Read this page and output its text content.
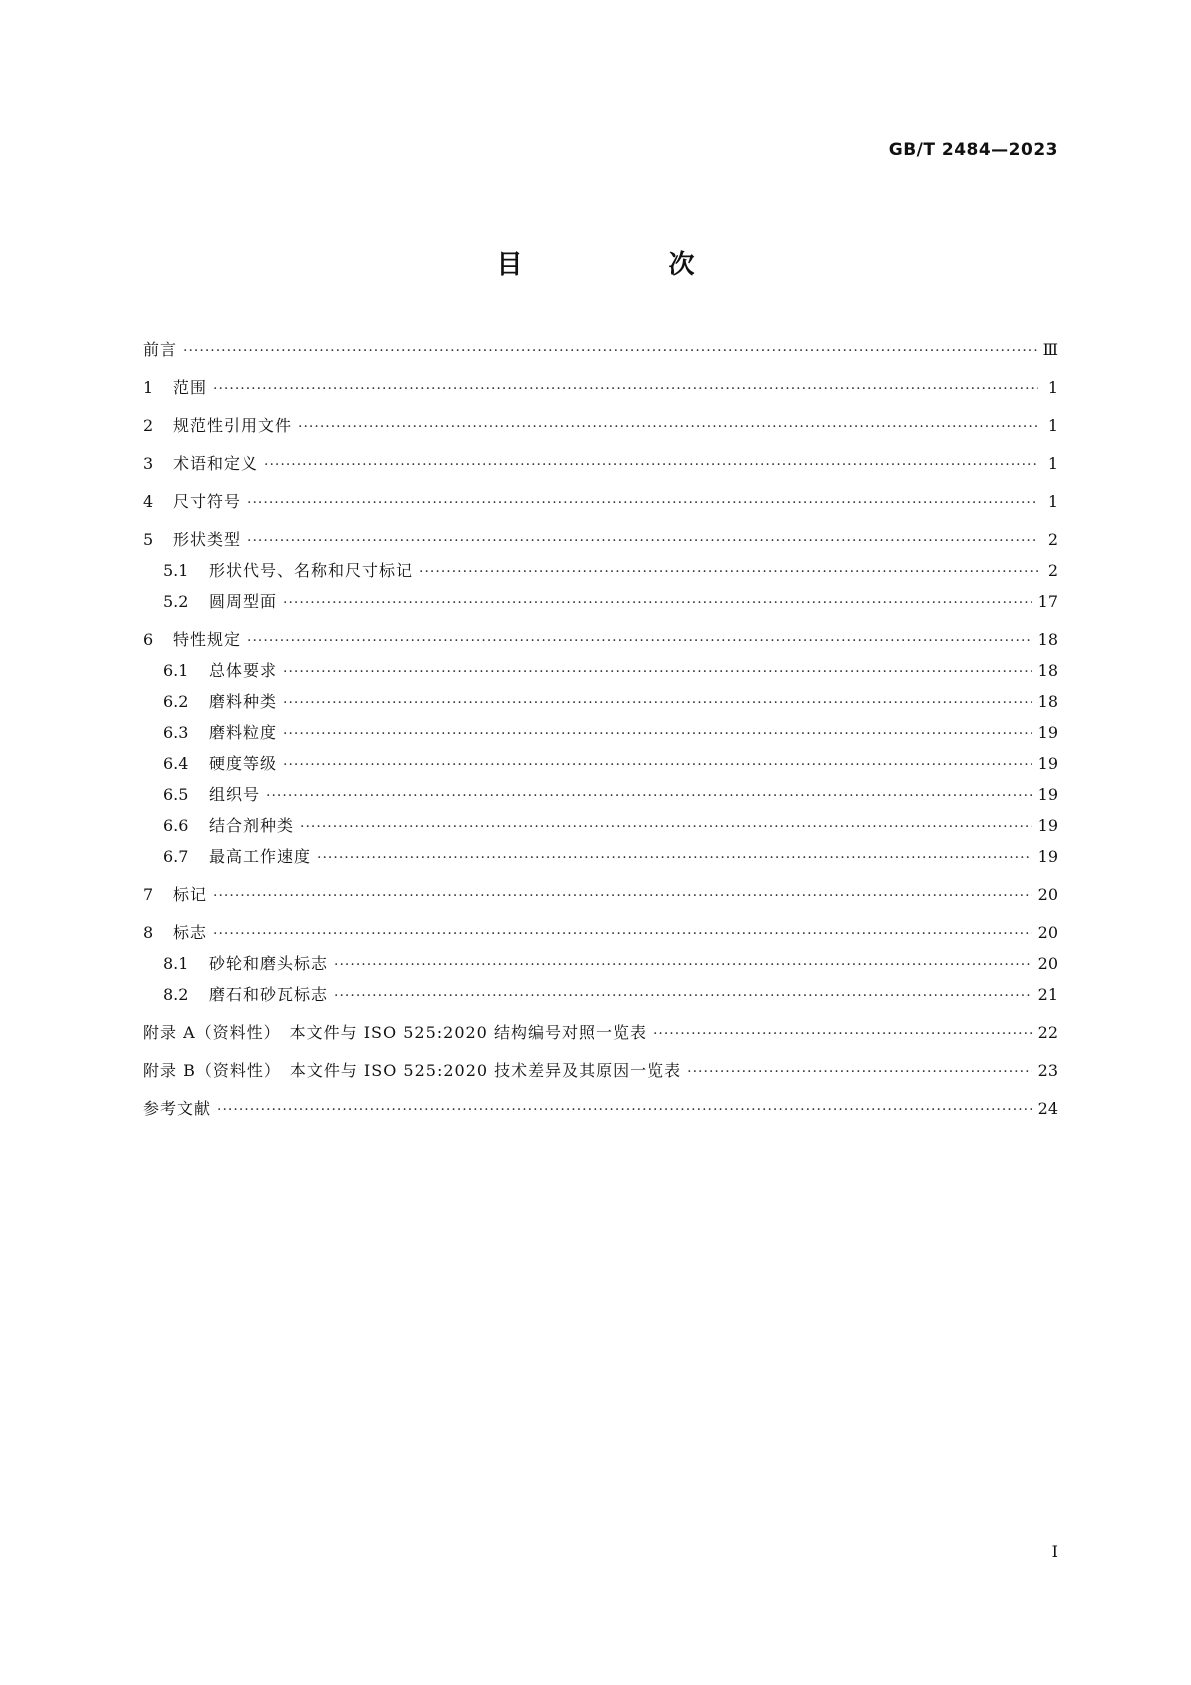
GB/T 2484—2023
目　次
前言 ·····	Ⅲ
1	范围 ·····	1
2	规范性引用文件 ·····	1
3	术语和定义 ·····	1
4	尺寸符号 ·····	1
5	形状类型 ·····	2
5.1	形状代号、名称和尺寸标记 ·····	2
5.2	圆周型面 ·····	17
6	特性规定 ·····	18
6.1	总体要求 ·····	18
6.2	磨料种类 ·····	18
6.3	磨料粒度 ·····	19
6.4	硬度等级 ·····	19
6.5	组织号 ·····	19
6.6	结合剂种类 ·····	19
6.7	最高工作速度 ·····	19
7	标记 ·····	20
8	标志 ·····	20
8.1	砂轮和磨头标志 ·····	20
8.2	磨石和砂瓦标志 ·····	21
附录 A（资料性）　本文件与 ISO 525:2020 结构编号对照一览表 ·····	22
附录 B（资料性）　本文件与 ISO 525:2020 技术差异及其原因一览表 ·····	23
参考文献 ·····	24
I
